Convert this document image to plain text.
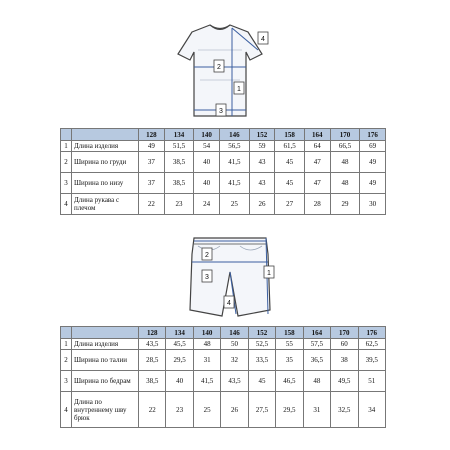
2
1
3
4
		128	134	140	146	152	158	164	170	176
1	Длина изделия	49	51,5	54	56,5	59	61,5	64	66,5	69
2	Ширина по груди	37	38,5	40	41,5	43	45	47	48	49
3	Ширина по низу	37	38,5	40	41,5	43	45	47	48	49
4	Длина рукава с плечом	22	23	24	25	26	27	28	29	30
2
3
1
4
		128	134	140	146	152	158	164	170	176
1	Длина изделия	43,5	45,5	48	50	52,5	55	57,5	60	62,5
2	Ширина по талии	28,5	29,5	31	32	33,5	35	36,5	38	39,5
3	Ширина по бедрам	38,5	40	41,5	43,5	45	46,5	48	49,5	51
4	Длина по внутреннему шву брюк	22	23	25	26	27,5	29,5	31	32,5	34
